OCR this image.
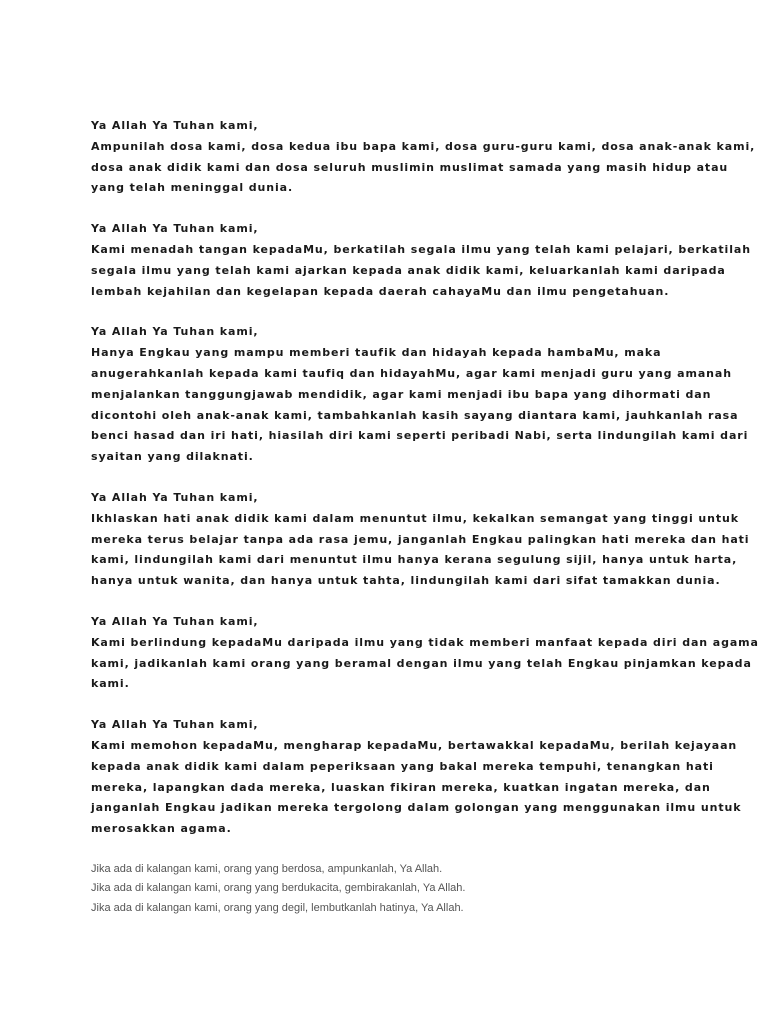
Ya Allah Ya Tuhan kami,

Ampunilah dosa kami, dosa kedua ibu bapa kami, dosa guru-guru kami, dosa anak-anak kami,

dosa anak didik kami dan dosa seluruh muslimin muslimat samada yang masih hidup atau

yang telah meninggal dunia.

Ya Allah Ya Tuhan kami,

Kami menadah tangan kepadaMu, berkatilah segala ilmu yang telah kami pelajari, berkatilah

segala ilmu yang telah kami ajarkan kepada anak didik kami, keluarkanlah kami daripada

lembah kejahilan dan kegelapan kepada daerah cahayaMu dan ilmu pengetahuan.

Ya Allah Ya Tuhan kami,

Hanya Engkau yang mampu memberi taufik dan hidayah kepada hambaMu, maka

anugerahkanlah kepada kami taufiq dan hidayahMu, agar kami menjadi guru yang amanah

menjalankan tanggungjawab mendidik, agar kami menjadi ibu bapa yang dihormati dan

dicontohi oleh anak-anak kami, tambahkanlah kasih sayang diantara kami, jauhkanlah rasa

benci hasad dan iri hati, hiasilah diri kami seperti peribadi Nabi, serta lindungilah kami dari

syaitan yang dilaknati.

Ya Allah Ya Tuhan kami,

Ikhlaskan hati anak didik kami dalam menuntut ilmu, kekalkan semangat yang tinggi untuk

mereka terus belajar tanpa ada rasa jemu, janganlah Engkau palingkan hati mereka dan hati

kami, lindungilah kami dari menuntut ilmu hanya kerana segulung sijil, hanya untuk harta,

hanya untuk wanita, dan hanya untuk tahta, lindungilah kami dari sifat tamakkan dunia.

Ya Allah Ya Tuhan kami,

Kami berlindung kepadaMu daripada ilmu yang tidak memberi manfaat kepada diri dan agama

kami, jadikanlah kami orang yang beramal dengan ilmu yang telah Engkau pinjamkan kepada

kami.

Ya Allah Ya Tuhan kami,

Kami memohon kepadaMu, mengharap kepadaMu, bertawakkal kepadaMu, berilah kejayaan

kepada anak didik kami dalam peperiksaan yang bakal mereka tempuhi, tenangkan hati

mereka, lapangkan dada mereka, luaskan fikiran mereka, kuatkan ingatan mereka, dan

janganlah Engkau jadikan mereka tergolong dalam golongan yang menggunakan ilmu untuk

merosakkan agama.

Jika ada di kalangan kami, orang yang berdosa, ampunkanlah, Ya Allah.

Jika ada di kalangan kami, orang yang berdukacita, gembirakanlah, Ya Allah.

Jika ada di kalangan kami, orang yang degil, lembutkanlah hatinya, Ya Allah.
